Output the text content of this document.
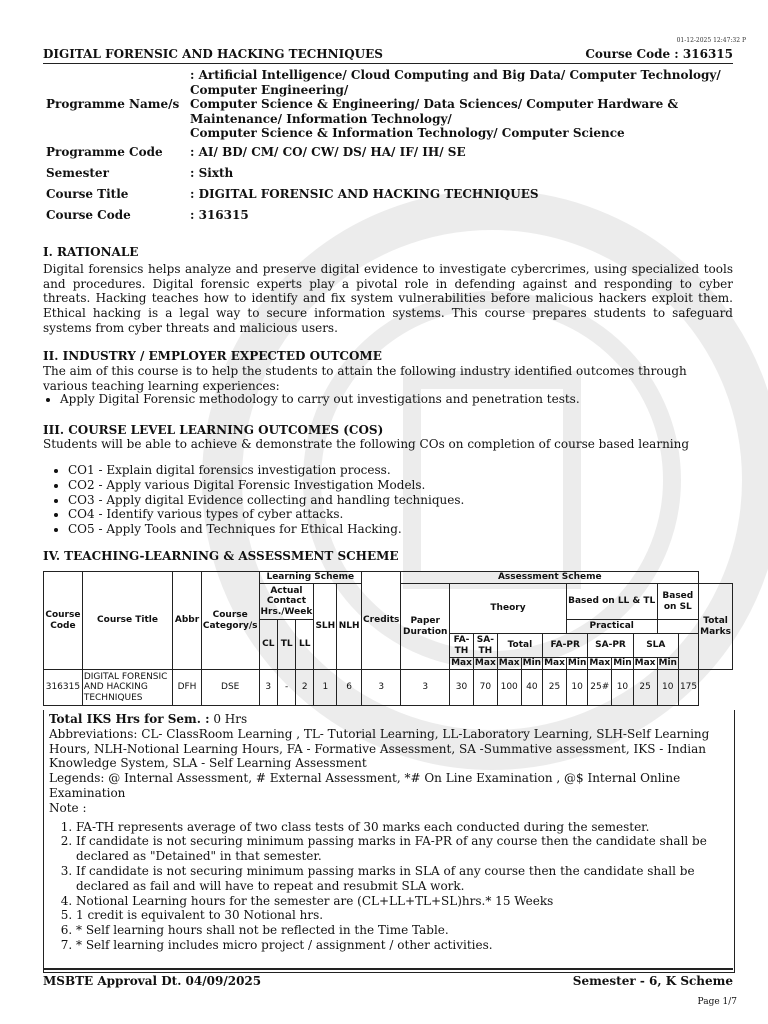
01-12-2025 12:47:32 P
DIGITAL FORENSIC AND HACKING TECHNIQUES	Course Code : 316315
Programme Name/s	: Artificial Intelligence/ Cloud Computing and Big Data/ Computer Technology/
Computer Engineering/
Computer Science & Engineering/ Data Sciences/ Computer Hardware &
Maintenance/ Information Technology/
Computer Science & Information Technology/ Computer Science

Programme Code	: AI/ BD/ CM/ CO/ CW/ DS/ HA/ IF/ IH/ SE
Semester	: Sixth
Course Title	: DIGITAL FORENSIC AND HACKING TECHNIQUES
Course Code	: 316315
I. RATIONALE
Digital forensics helps analyze and preserve digital evidence to investigate cybercrimes, using specialized tools and procedures. Digital forensic experts play a pivotal role in defending against and responding to cyber threats. Hacking teaches how to identify and fix system vulnerabilities before malicious hackers exploit them. Ethical hacking is a legal way to secure information systems. This course prepares students to safeguard systems from cyber threats and malicious users.
II. INDUSTRY / EMPLOYER EXPECTED OUTCOME
The aim of this course is to help the students to attain the following industry identified outcomes through various teaching learning experiences:
• Apply Digital Forensic methodology to carry out investigations and penetration tests.
III. COURSE LEVEL LEARNING OUTCOMES (COS)
Students will be able to achieve & demonstrate the following COs on completion of course based learning
• CO1 - Explain digital forensics investigation process.
• CO2 - Apply various Digital Forensic Investigation Models.
• CO3 - Apply digital Evidence collecting and handling techniques.
• CO4 - Identify various types of cyber attacks.
• CO5 - Apply Tools and Techniques for Ethical Hacking.
IV. TEACHING-LEARNING & ASSESSMENT SCHEME
Course Code	Course Title	Abbr	Course Category/s	Learning Scheme					Credits	Assessment Scheme												
				Actual Contact Hrs./Week			SLH	NLH		Paper Duration	Theory					Based on LL & TL				Based on SL		Total Marks
				CL	TL	LL										Practical						
											FA-TH	SA-TH	Total		FA-PR		SA-PR		SLA		
											Max	Max	Max	Min	Max	Min	Max	Min	Max	Min		
316315	DIGITAL FORENSIC AND HACKING TECHNIQUES	DFH	DSE	3	-	2	1	6	3	3	30	70	100	40	25	10	25#	10	25	10	175	
Total IKS Hrs for Sem. : 0 Hrs
Abbreviations: CL- ClassRoom Learning , TL- Tutorial Learning, LL-Laboratory Learning, SLH-Self Learning Hours, NLH-Notional Learning Hours, FA - Formative Assessment, SA -Summative assessment, IKS - Indian Knowledge System, SLA - Self Learning Assessment
Legends: @ Internal Assessment, # External Assessment, *# On Line Examination , @$ Internal Online Examination
Note :
1. FA-TH represents average of two class tests of 30 marks each conducted during the semester.
2. If candidate is not securing minimum passing marks in FA-PR of any course then the candidate shall be declared as "Detained" in that semester.
3. If candidate is not securing minimum passing marks in SLA of any course then the candidate shall be declared as fail and will have to repeat and resubmit SLA work.
4. Notional Learning hours for the semester are (CL+LL+TL+SL)hrs.* 15 Weeks
5. 1 credit is equivalent to 30 Notional hrs.
6. * Self learning hours shall not be reflected in the Time Table.
7. * Self learning includes micro project / assignment / other activities.
MSBTE Approval Dt. 04/09/2025	Semester - 6, K Scheme
Page 1/7
